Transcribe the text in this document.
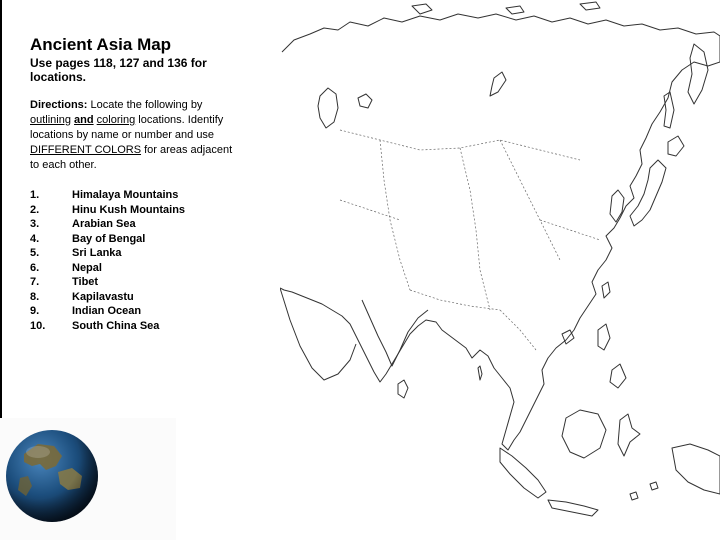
Ancient Asia Map
Use pages 118, 127 and 136 for locations.
Directions: Locate the following by outlining and coloring locations. Identify locations by name or number and use DIFFERENT COLORS for areas adjacent to each other.
1.	Himalaya Mountains
2.	Hinu Kush Mountains
3.	Arabian Sea
4.	Bay of Bengal
5.	Sri Lanka
6.	Nepal
7.	Tibet
8.	Kapilavastu
9.	Indian Ocean
10. South China Sea
